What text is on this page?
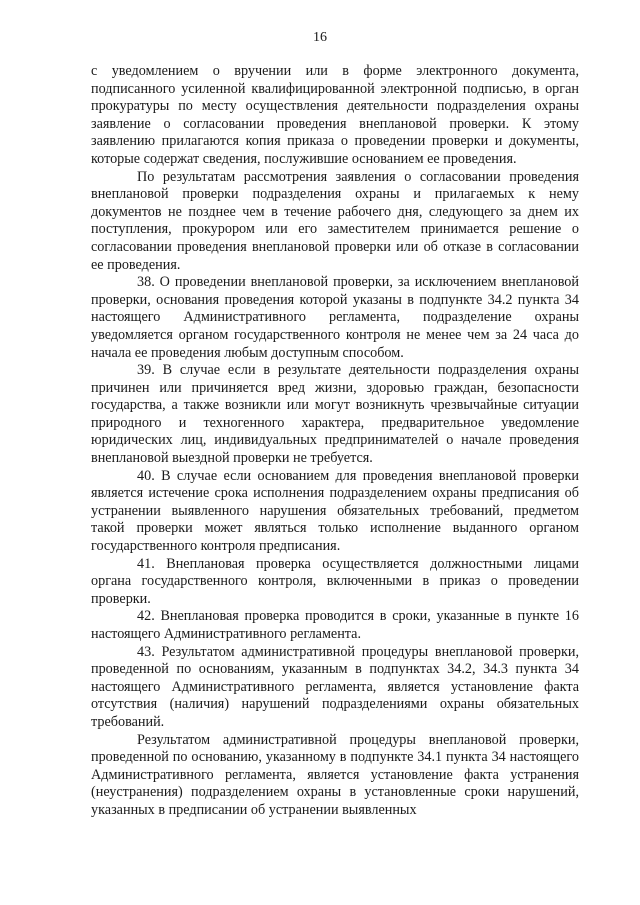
16

с уведомлением о вручении или в форме электронного документа, подписанного усиленной квалифицированной электронной подписью, в орган прокуратуры по месту осуществления деятельности подразделения охраны заявление о согласовании проведения внеплановой проверки. К этому заявлению прилагаются копия приказа о проведении проверки и документы, которые содержат сведения, послужившие основанием ее проведения.

По результатам рассмотрения заявления о согласовании проведения внеплановой проверки подразделения охраны и прилагаемых к нему документов не позднее чем в течение рабочего дня, следующего за днем их поступления, прокурором или его заместителем принимается решение о согласовании проведения внеплановой проверки или об отказе в согласовании ее проведения.

38. О проведении внеплановой проверки, за исключением внеплановой проверки, основания проведения которой указаны в подпункте 34.2 пункта 34 настоящего Административного регламента, подразделение охраны уведомляется органом государственного контроля не менее чем за 24 часа до начала ее проведения любым доступным способом.

39. В случае если в результате деятельности подразделения охраны причинен или причиняется вред жизни, здоровью граждан, безопасности государства, а также возникли или могут возникнуть чрезвычайные ситуации природного и техногенного характера, предварительное уведомление юридических лиц, индивидуальных предпринимателей о начале проведения внеплановой выездной проверки не требуется.

40. В случае если основанием для проведения внеплановой проверки является истечение срока исполнения подразделением охраны предписания об устранении выявленного нарушения обязательных требований, предметом такой проверки может являться только исполнение выданного органом государственного контроля предписания.

41. Внеплановая проверка осуществляется должностными лицами органа государственного контроля, включенными в приказ о проведении проверки.

42. Внеплановая проверка проводится в сроки, указанные в пункте 16 настоящего Административного регламента.

43. Результатом административной процедуры внеплановой проверки, проведенной по основаниям, указанным в подпунктах 34.2, 34.3 пункта 34 настоящего Административного регламента, является установление факта отсутствия (наличия) нарушений подразделениями охраны обязательных требований.

Результатом административной процедуры внеплановой проверки, проведенной по основанию, указанному в подпункте 34.1 пункта 34 настоящего Административного регламента, является установление факта устранения (неустранения) подразделением охраны в установленные сроки нарушений, указанных в предписании об устранении выявленных
